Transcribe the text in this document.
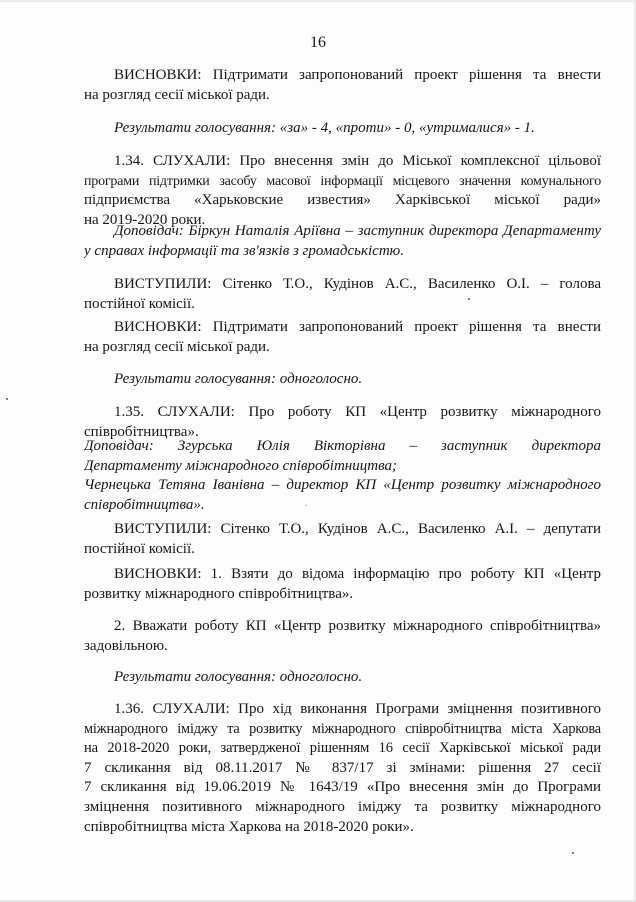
16
ВИСНОВКИ: Підтримати запропонований проект рішення та внести
на розгляд сесії міської ради.
Результати голосування: «за» - 4, «проти» - 0, «утрималися» - 1.
1.34. СЛУХАЛИ: Про внесення змін до Міської комплексної цільової
програми підтримки засобу масової інформації місцевого значення комунального
підприємства «Харьковские известия» Харківської міської ради»
на 2019-2020 роки.
Доповідач: Біркун Наталія Аріївна – заступник директора Департаменту
у справах інформації та зв'язків з громадськістю.
ВИСТУПИЛИ: Сітенко Т.О., Кудінов А.С., Василенко О.І. – голова
постійної комісії.
ВИСНОВКИ: Підтримати запропонований проект рішення та внести
на розгляд сесії міської ради.
Результати голосування: одноголосно.
1.35. СЛУХАЛИ: Про роботу КП «Центр розвитку міжнародного
співробітництва».
Доповідач: Згурська Юлія Вікторівна – заступник директора
Департаменту міжнародного співробітництва;
Чернецька Тетяна Іванівна – директор КП «Центр розвитку міжнародного
співробітництва».
ВИСТУПИЛИ: Сітенко Т.О., Кудінов А.С., Василенко А.І. – депутати
постійної комісії.
ВИСНОВКИ: 1. Взяти до відома інформацію про роботу КП «Центр
розвитку міжнародного співробітництва».
2. Вважати роботу КП «Центр розвитку міжнародного співробітництва»
задовільною.
Результати голосування: одноголосно.
1.36. СЛУХАЛИ: Про хід виконання Програми зміцнення позитивного
міжнародного іміджу та розвитку міжнародного співробітництва міста Харкова
на 2018-2020 роки, затвердженої рішенням 16 сесії Харківської міської ради
7 скликання від 08.11.2017 № 837/17 зі змінами: рішення 27 сесії
7 скликання від 19.06.2019 № 1643/19 «Про внесення змін до Програми
зміцнення позитивного міжнародного іміджу та розвитку міжнародного
співробітництва міста Харкова на 2018-2020 роки».
